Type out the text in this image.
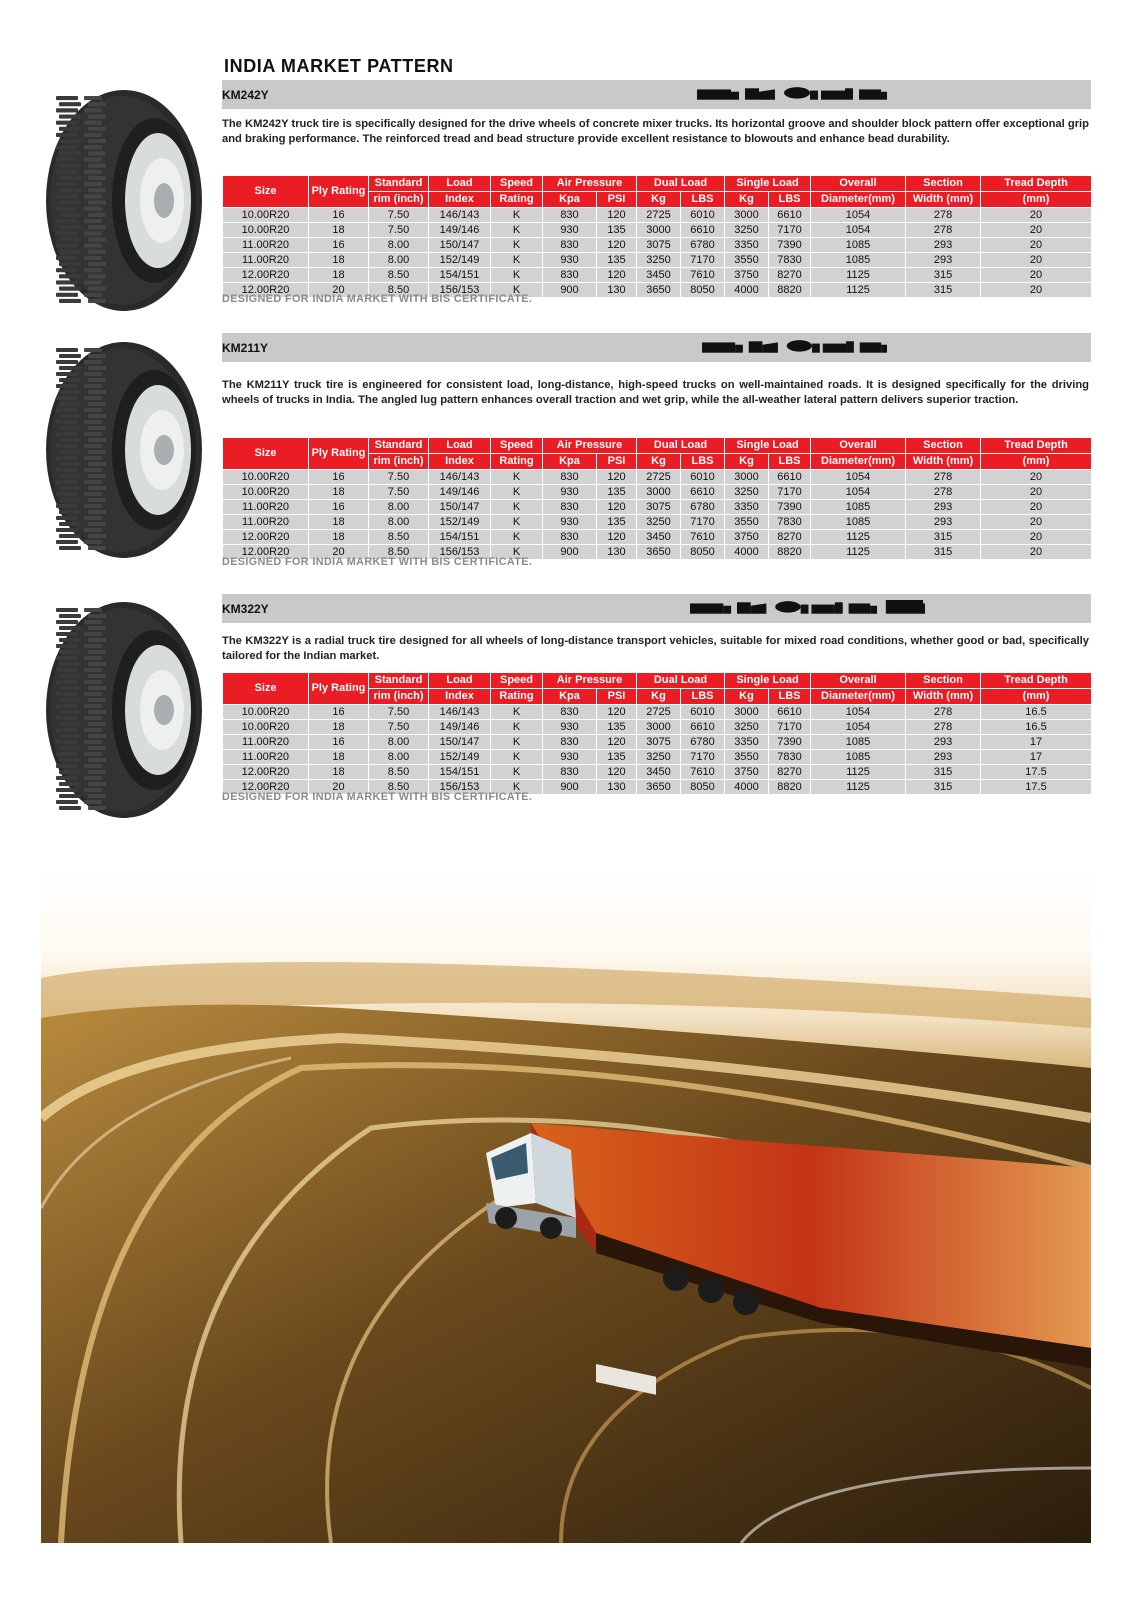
INDIA MARKET PATTERN
KM242Y

The KM242Y truck tire is specifically designed for the drive wheels of concrete mixer trucks. Its horizontal groove and shoulder block pattern offer exceptional grip and braking performance. The reinforced tread and bead structure provide excellent resistance to blowouts and enhance bead durability.

Size	Ply Rating	Standard	Load	Speed	Air Pressure		Dual Load		Single Load		Overall	Section	Tread Depth
		rim (inch)	Index	Rating	Kpa	PSI	Kg	LBS	Kg	LBS	Diameter(mm)	Width (mm)	(mm)
10.00R20	16	7.50	146/143	K	830	120	2725	6010	3000	6610	1054	278	20
10.00R20	18	7.50	149/146	K	930	135	3000	6610	3250	7170	1054	278	20
11.00R20	16	8.00	150/147	K	830	120	3075	6780	3350	7390	1085	293	20
11.00R20	18	8.00	152/149	K	930	135	3250	7170	3550	7830	1085	293	20
12.00R20	18	8.50	154/151	K	830	120	3450	7610	3750	8270	1125	315	20
12.00R20	20	8.50	156/153	K	900	130	3650	8050	4000	8820	1125	315	20
DESIGNED FOR INDIA MARKET WITH BIS CERTIFICATE.
KM211Y

The KM211Y truck tire is engineered for consistent load, long-distance, high-speed trucks on well-maintained roads. It is designed specifically for the driving wheels of trucks in India. The angled lug pattern enhances overall traction and wet grip, while the all-weather lateral pattern delivers superior traction.

Size	Ply Rating	Standard	Load	Speed	Air Pressure		Dual Load		Single Load		Overall	Section	Tread Depth
		rim (inch)	Index	Rating	Kpa	PSI	Kg	LBS	Kg	LBS	Diameter(mm)	Width (mm)	(mm)
10.00R20	16	7.50	146/143	K	830	120	2725	6010	3000	6610	1054	278	20
10.00R20	18	7.50	149/146	K	930	135	3000	6610	3250	7170	1054	278	20
11.00R20	16	8.00	150/147	K	830	120	3075	6780	3350	7390	1085	293	20
11.00R20	18	8.00	152/149	K	930	135	3250	7170	3550	7830	1085	293	20
12.00R20	18	8.50	154/151	K	830	120	3450	7610	3750	8270	1125	315	20
12.00R20	20	8.50	156/153	K	900	130	3650	8050	4000	8820	1125	315	20
DESIGNED FOR INDIA MARKET WITH BIS CERTIFICATE.
KM322Y

The KM322Y is a radial truck tire designed for all wheels of long-distance transport vehicles, suitable for mixed road conditions, whether good or bad, specifically tailored for the Indian market.

Size	Ply Rating	Standard	Load	Speed	Air Pressure		Dual Load		Single Load		Overall	Section	Tread Depth
		rim (inch)	Index	Rating	Kpa	PSI	Kg	LBS	Kg	LBS	Diameter(mm)	Width (mm)	(mm)
10.00R20	16	7.50	146/143	K	830	120	2725	6010	3000	6610	1054	278	16.5
10.00R20	18	7.50	149/146	K	930	135	3000	6610	3250	7170	1054	278	16.5
11.00R20	16	8.00	150/147	K	830	120	3075	6780	3350	7390	1085	293	17
11.00R20	18	8.00	152/149	K	930	135	3250	7170	3550	7830	1085	293	17
12.00R20	18	8.50	154/151	K	830	120	3450	7610	3750	8270	1125	315	17.5
12.00R20	20	8.50	156/153	K	900	130	3650	8050	4000	8820	1125	315	17.5
DESIGNED FOR INDIA MARKET WITH BIS CERTIFICATE.
